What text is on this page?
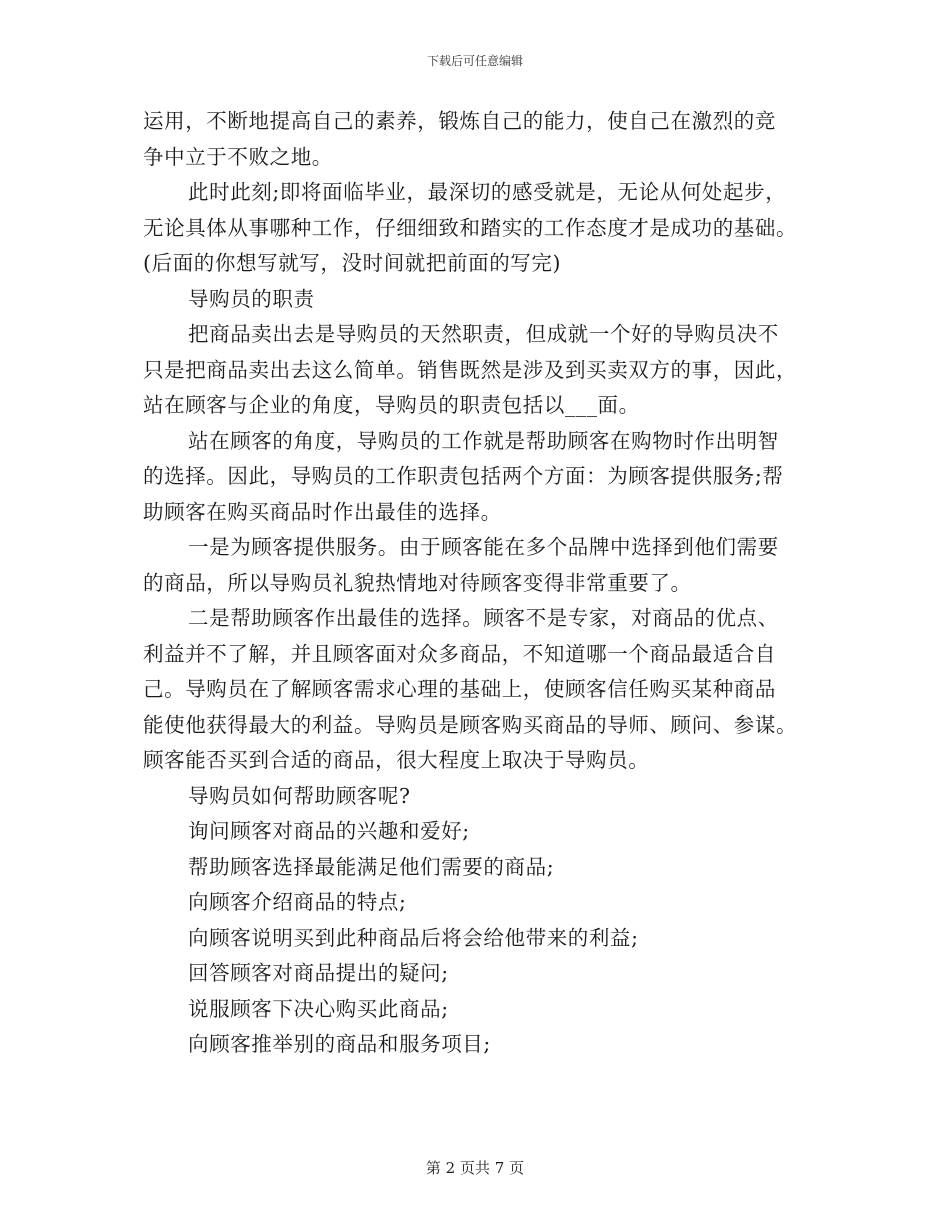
下载后可任意编辑
运用，不断地提高自己的素养，锻炼自己的能力，使自己在激烈的竞
争中立于不败之地。
此时此刻;即将面临毕业，最深切的感受就是，无论从何处起步，
无论具体从事哪种工作，仔细细致和踏实的工作态度才是成功的基础。
(后面的你想写就写，没时间就把前面的写完)
导购员的职责
把商品卖出去是导购员的天然职责，但成就一个好的导购员决不
只是把商品卖出去这么简单。销售既然是涉及到买卖双方的事，因此，
站在顾客与企业的角度，导购员的职责包括以___面。
站在顾客的角度，导购员的工作就是帮助顾客在购物时作出明智
的选择。因此，导购员的工作职责包括两个方面：为顾客提供服务;帮
助顾客在购买商品时作出最佳的选择。
一是为顾客提供服务。由于顾客能在多个品牌中选择到他们需要
的商品，所以导购员礼貌热情地对待顾客变得非常重要了。
二是帮助顾客作出最佳的选择。顾客不是专家，对商品的优点、
利益并不了解，并且顾客面对众多商品，不知道哪一个商品最适合自
己。导购员在了解顾客需求心理的基础上，使顾客信任购买某种商品
能使他获得最大的利益。导购员是顾客购买商品的导师、顾问、参谋。
顾客能否买到合适的商品，很大程度上取决于导购员。
导购员如何帮助顾客呢?
询问顾客对商品的兴趣和爱好;
帮助顾客选择最能满足他们需要的商品;
向顾客介绍商品的特点;
向顾客说明买到此种商品后将会给他带来的利益;
回答顾客对商品提出的疑问;
说服顾客下决心购买此商品;
向顾客推举别的商品和服务项目;
第 2 页共 7 页
